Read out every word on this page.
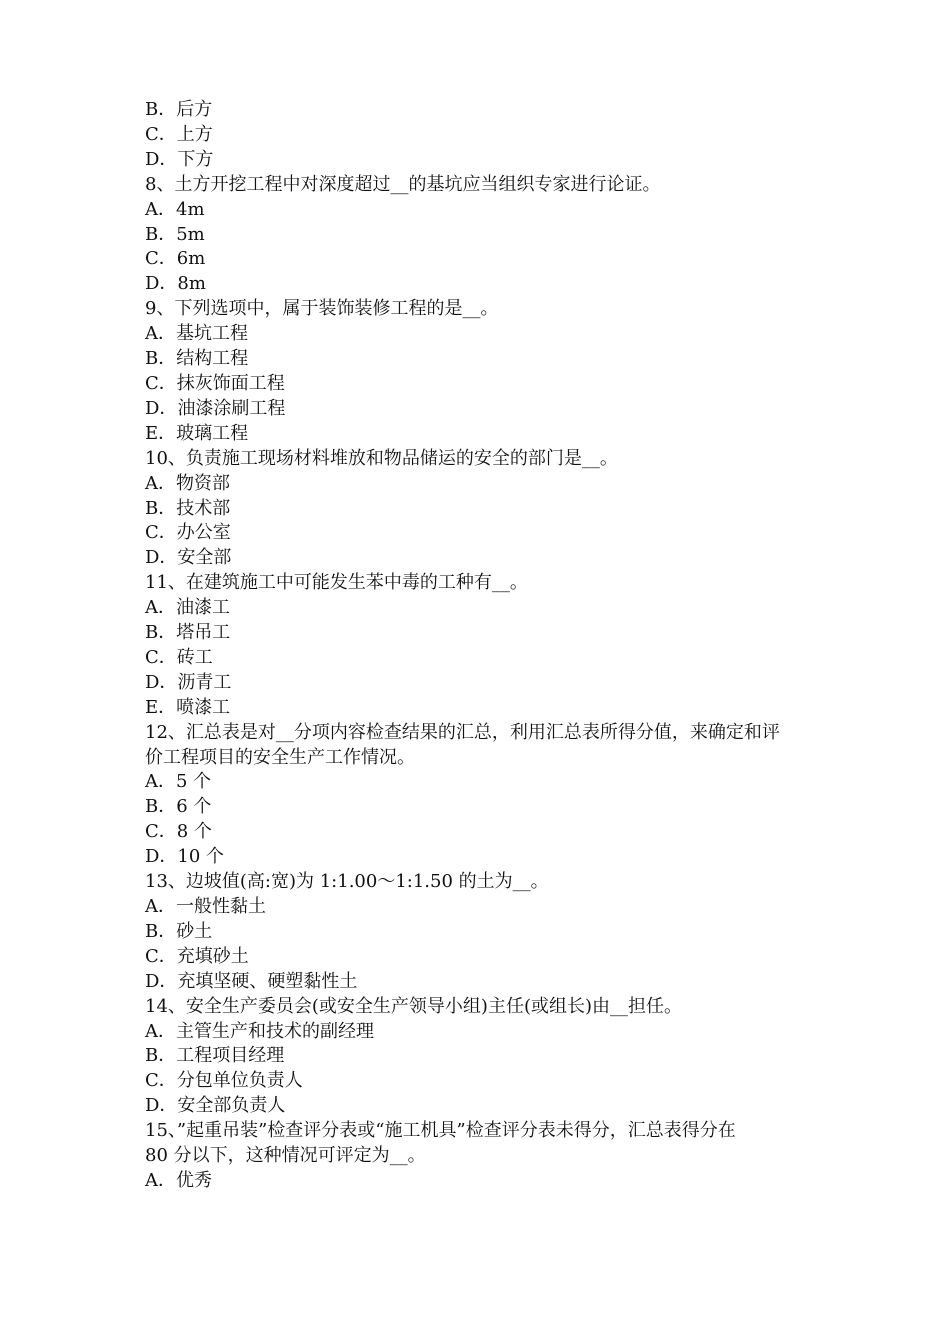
B．后方

C．上方

D．下方

8、土方开挖工程中对深度超过__的基坑应当组织专家进行论证。

A．4m

B．5m

C．6m

D．8m

9、下列选项中，属于装饰装修工程的是__。

A．基坑工程

B．结构工程

C．抹灰饰面工程

D．油漆涂刷工程

E．玻璃工程

10、负责施工现场材料堆放和物品储运的安全的部门是__。

A．物资部

B．技术部

C．办公室

D．安全部

11、在建筑施工中可能发生苯中毒的工种有__。

A．油漆工

B．塔吊工

C．砖工

D．沥青工

E．喷漆工

12、汇总表是对__分项内容检查结果的汇总，利用汇总表所得分值，来确定和评

价工程项目的安全生产工作情况。

A．5 个

B．6 个

C．8 个

D．10 个

13、边坡值(高:宽)为 1:1.00～1:1.50 的土为__。

A．一般性黏土

B．砂土

C．充填砂土

D．充填坚硬、硬塑黏性土

14、安全生产委员会(或安全生产领导小组)主任(或组长)由__担任。

A．主管生产和技术的副经理

B．工程项目经理

C．分包单位负责人

D．安全部负责人

15、”起重吊装”检查评分表或“施工机具”检查评分表未得分，汇总表得分在

80 分以下，这种情况可评定为__。

A．优秀
